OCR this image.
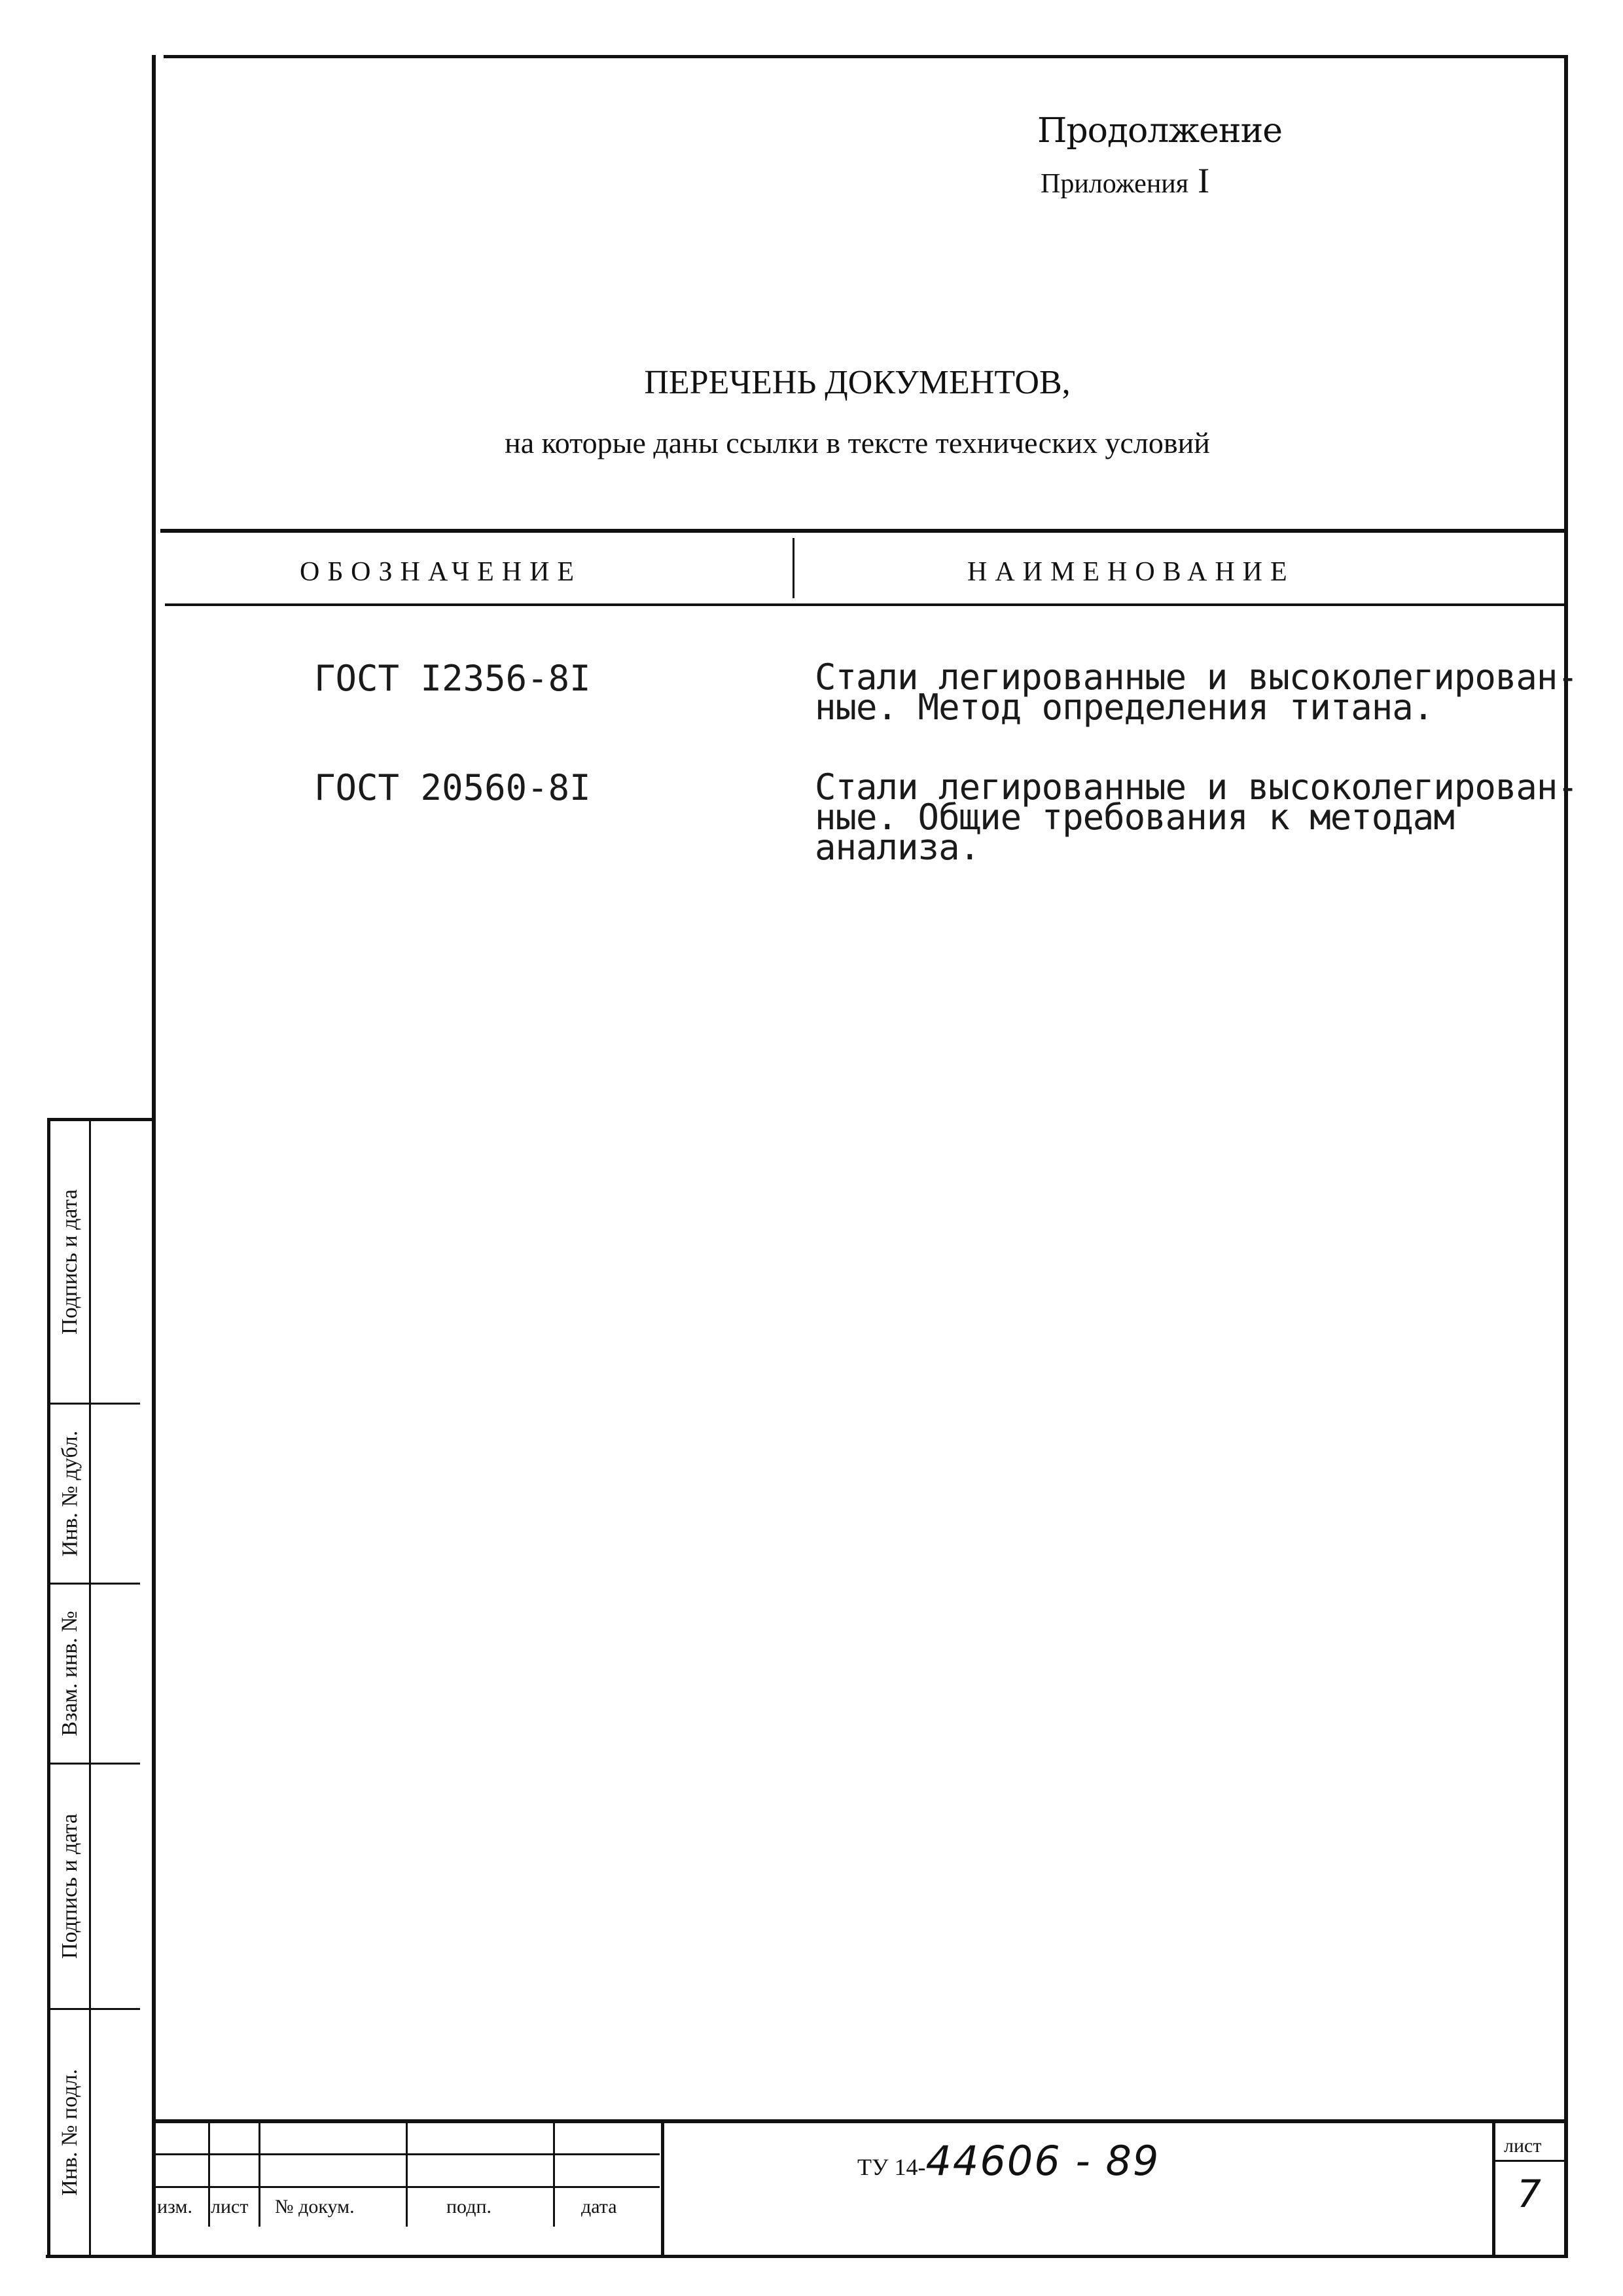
Продолжение
Приложения I
ПЕРЕЧЕНЬ ДОКУМЕНТОВ,
на которые даны ссылки в тексте технических условий
ОБОЗНАЧЕНИЕ	НАИМЕНОВАНИЕ
ГОСТ I2356-8I	Стали легированные и высоколегирован-
ные. Метод определения титана.
ГОСТ 20560-8I	Стали легированные и высоколегирован-
ные. Общие требования к методам
анализа.
Подпись и дата
Инв. № дубл.
Взам. инв. №
Подпись и дата
Инв. № подл.
изм. лист № докум.	подп.	дата
ТУ 14-44606 - 89	лист
7
